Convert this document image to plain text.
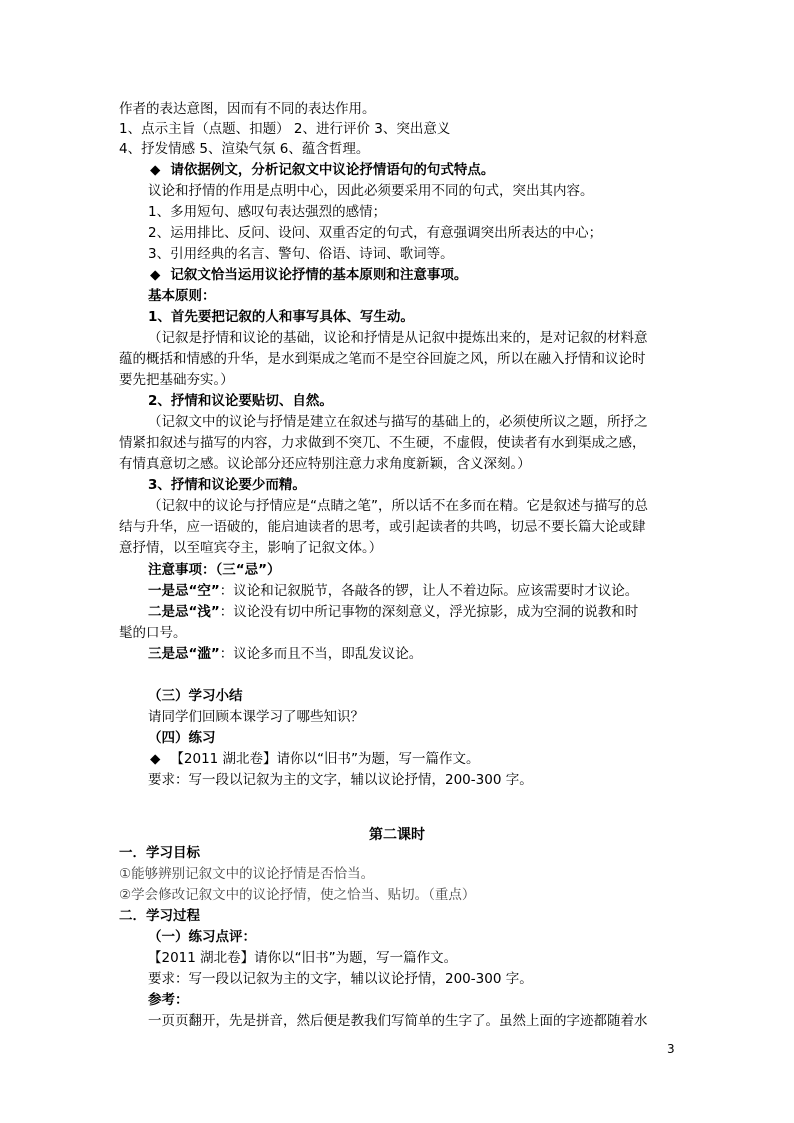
作者的表达意图，因而有不同的表达作用。
1、点示主旨（点题、扣题） 2、进行评价 3、突出意义
4、抒发情感 5、渲染气氛 6、蕴含哲理。
◆ 请依据例文，分析记叙文中议论抒情语句的句式特点。
议论和抒情的作用是点明中心，因此必须要采用不同的句式，突出其内容。
1、多用短句、感叹句表达强烈的感情；
2、运用排比、反问、设问、双重否定的句式，有意强调突出所表达的中心；
3、引用经典的名言、警句、俗语、诗词、歌词等。
◆ 记叙文恰当运用议论抒情的基本原则和注意事项。
基本原则：
1、首先要把记叙的人和事写具体、写生动。
（记叙是抒情和议论的基础，议论和抒情是从记叙中提炼出来的，是对记叙的材料意
蕴的概括和情感的升华，是水到渠成之笔而不是空谷回旋之风，所以在融入抒情和议论时
要先把基础夯实。）
2、抒情和议论要贴切、自然。
（记叙文中的议论与抒情是建立在叙述与描写的基础上的，必须使所议之题，所抒之
情紧扣叙述与描写的内容，力求做到不突兀、不生硬，不虚假，使读者有水到渠成之感，
有情真意切之感。议论部分还应特别注意力求角度新颖，含义深刻。）
3、抒情和议论要少而精。
（记叙中的议论与抒情应是“点睛之笔”，所以话不在多而在精。它是叙述与描写的总
结与升华，应一语破的，能启迪读者的思考，或引起读者的共鸣，切忌不要长篇大论或肆
意抒情，以至喧宾夺主，影响了记叙文体。）
注意事项：（三“忌”）
一是忌“空”：议论和记叙脱节，各敲各的锣，让人不着边际。应该需要时才议论。
二是忌“浅”：议论没有切中所记事物的深刻意义，浮光掠影，成为空洞的说教和时
髦的口号。
三是忌“滥”：议论多而且不当，即乱发议论。
（三）学习小结
请同学们回顾本课学习了哪些知识？
（四）练习
◆ 【2011 湖北卷】请你以“旧书”为题，写一篇作文。
要求：写一段以记叙为主的文字，辅以议论抒情，200-300 字。
第二课时
一．学习目标
①能够辨别记叙文中的议论抒情是否恰当。
②学会修改记叙文中的议论抒情，使之恰当、贴切。（重点）
二．学习过程
（一）练习点评：
【2011 湖北卷】请你以“旧书”为题，写一篇作文。
要求：写一段以记叙为主的文字，辅以议论抒情，200-300 字。
参考：
一页页翻开，先是拼音，然后便是教我们写简单的生字了。虽然上面的字迹都随着水
3
